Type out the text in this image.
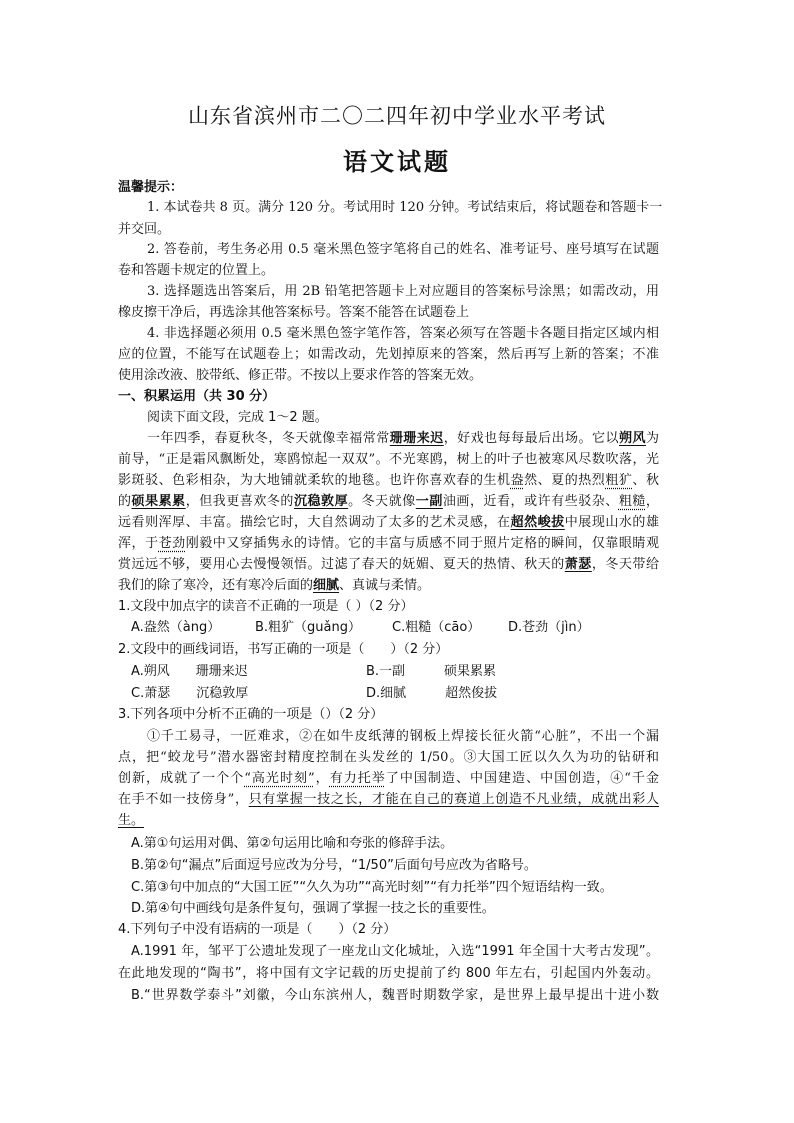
山东省滨州市二〇二四年初中学业水平考试
语文试题
温馨提示：
1. 本试卷共 8 页。满分 120 分。考试用时 120 分钟。考试结束后，将试题卷和答题卡一
并交回。
2. 答卷前，考生务必用 0.5 毫米黑色签字笔将自己的姓名、准考证号、座号填写在试题
卷和答题卡规定的位置上。
3. 选择题选出答案后，用 2B 铅笔把答题卡上对应题目的答案标号涂黑；如需改动，用
橡皮擦干净后，再选涂其他答案标号。答案不能答在试题卷上
4. 非选择题必须用 0.5 毫米黑色签字笔作答，答案必须写在答题卡各题目指定区域内相
应的位置，不能写在试题卷上；如需改动，先划掉原来的答案，然后再写上新的答案；不准
使用涂改液、胶带纸、修正带。不按以上要求作答的答案无效。
一、积累运用（共 30 分）
阅读下面文段，完成 1～2 题。
一年四季，春夏秋冬，冬天就像幸福常常珊珊来迟，好戏也每每最后出场。它以朔风为
前导，“正是霜风飘断处，寒鸥惊起一双双”。不光寒鸥，树上的叶子也被寒风尽数吹落，光
影斑驳、色彩相杂，为大地铺就柔软的地毯。也许你喜欢春的生机盎然、夏的热烈粗犷、秋
的硕果累累，但我更喜欢冬的沉稳敦厚。冬天就像一副油画，近看，或许有些驳杂、粗糙，
远看则浑厚、丰富。描绘它时，大自然调动了太多的艺术灵感，在超然峻拔中展现山水的雄
浑，于苍劲刚毅中又穿插隽永的诗情。它的丰富与质感不同于照片定格的瞬间，仅靠眼睛观
赏远远不够，要用心去慢慢领悟。过滤了春天的妩媚、夏天的热情、秋天的萧瑟，冬天带给
我们的除了寒冷，还有寒冷后面的细腻、真诚与柔情。
1.文段中加点字的读音不正确的一项是（ ）（2 分）
A.盎然（àng）	B.粗犷（guǎng） C.粗糙（cāo） D.苍劲（jìn）
2.文段中的画线词语，书写正确的一项是（　　）（2 分）
A.朔风　　珊珊来迟	B.一副　　　硕果累累
C.萧瑟　　沉稳敦厚	D.细腻　　　超然俊拔
3.下列各项中分析不正确的一项是（）（2 分）
①千工易寻，一匠难求，②在如牛皮纸薄的钢板上焊接长征火箭“心脏”，不出一个漏
点，把“蛟龙号”潜水器密封精度控制在头发丝的 1/50。③大国工匠以久久为功的钻研和
创新，成就了一个个“高光时刻”，有力托举了中国制造、中国建造、中国创造，④“千金
在手不如一技傍身”，只有掌握一技之长，才能在自己的赛道上创造不凡业绩，成就出彩人
生。
A.第①句运用对偶、第②句运用比喻和夸张的修辞手法。
B.第②句“漏点”后面逗号应改为分号，“1/50”后面句号应改为省略号。
C.第③句中加点的“大国工匠”“久久为功”“高光时刻”“有力托举”四个短语结构一致。
D.第④句中画线句是条件复句，强调了掌握一技之长的重要性。
4.下列句子中没有语病的一项是（　　）（2 分）
A.1991 年，邹平丁公遗址发现了一座龙山文化城址，入选“1991 年全国十大考古发现”。
在此地发现的“陶书”，将中国有文字记载的历史提前了约 800 年左右，引起国内外轰动。
B.“世界数学泰斗”刘徽，今山东滨州人，魏晋时期数学家，是世界上最早提出十进小数
